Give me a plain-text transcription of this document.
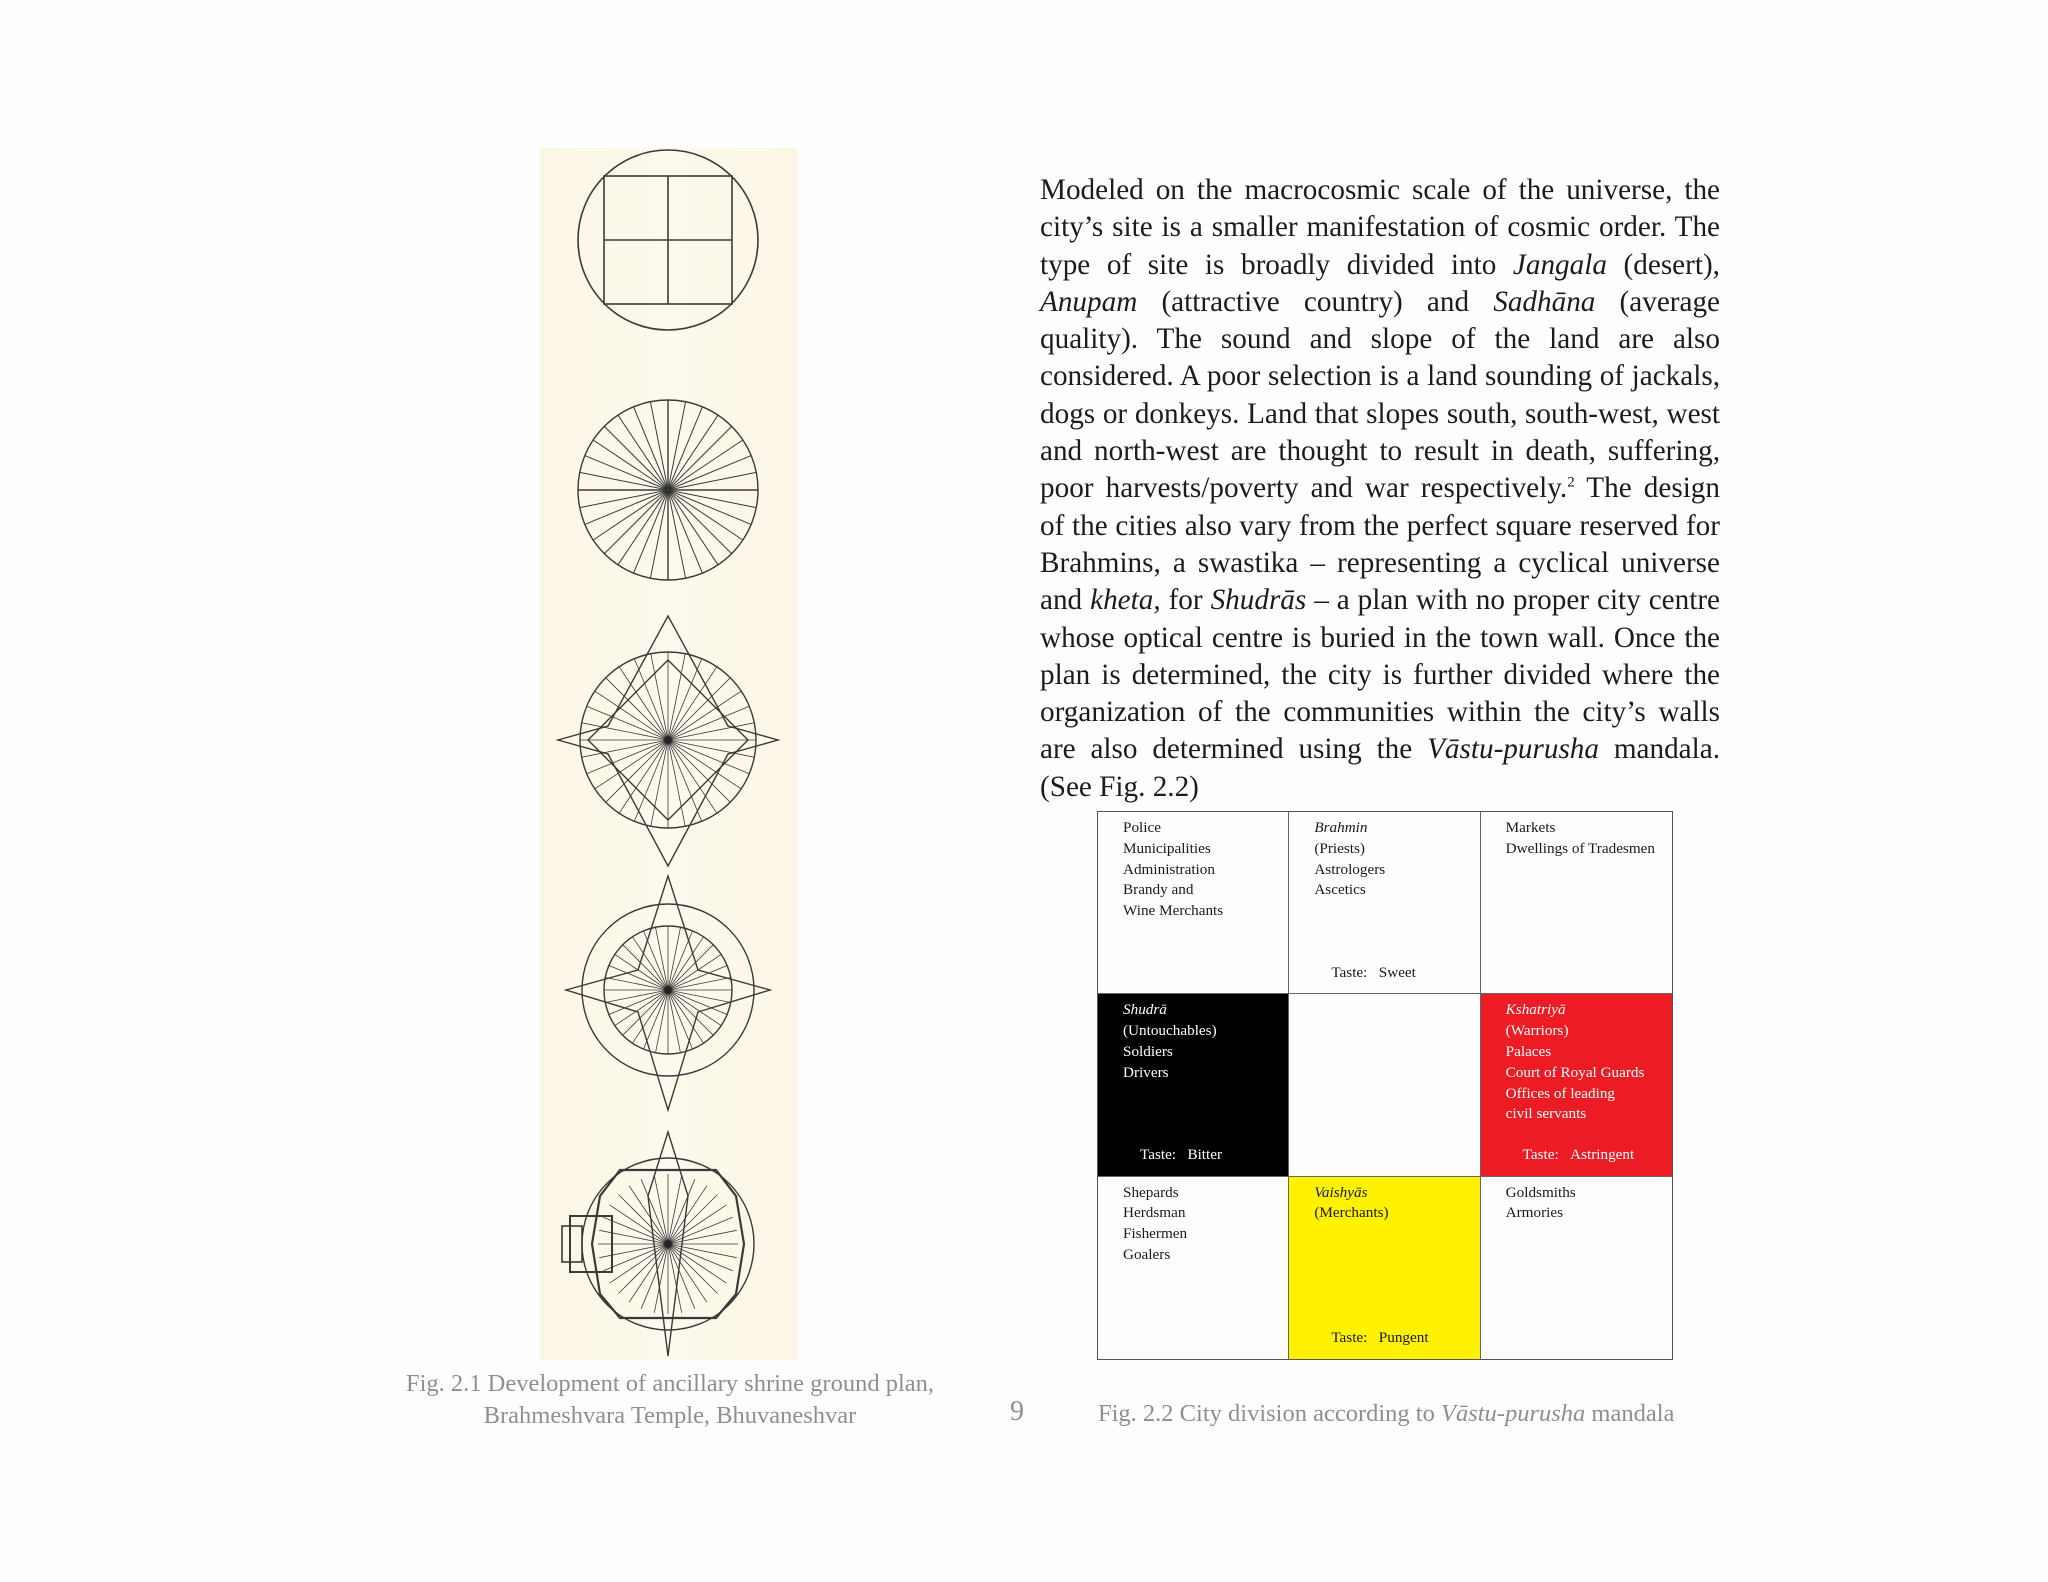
Fig. 2.1 Development of ancillary shrine ground plan,
Brahmeshvara Temple, Bhuvaneshvar	9

Modeled on the macrocosmic scale of the universe, the city’s site is a smaller manifestation of cosmic order. The type of site is broadly divided into Jangala (desert), Anupam (attractive country) and Sadhāna (average quality). The sound and slope of the land are also considered. A poor selection is a land sounding of jackals, dogs or donkeys. Land that slopes south, south-west, west and north-west are thought to result in death, suffering, poor harvests/poverty and war respectively.$^2$ The design of the cities also vary from the perfect square reserved for Brahmins, a swastika – representing a cyclical universe and kheta, for Shudrās – a plan with no proper city centre whose optical centre is buried in the town wall. Once the plan is determined, the city is further divided where the organization of the communities within the city’s walls are also determined using the Vāstu-purusha mandala. (See Fig. 2.2)

Police
Municipalities
Administration
Brandy and
Wine Merchants
Brahmin
(Priests)
Astrologers
Ascetics
Taste: Sweet
Markets
Dwellings of Tradesmen
Shudrā
(Untouchables)
Soldiers
Drivers
Taste: Bitter
Kshatriyā
(Warriors)
Palaces
Court of Royal Guards
Offices of leading
civil servants
Taste: Astringent
Shepards
Herdsman
Fishermen
Goalers
Vaishyās
(Merchants)
Taste: Pungent
Goldsmiths
Armories
Fig. 2.2 City division according to Vāstu-purusha mandala
